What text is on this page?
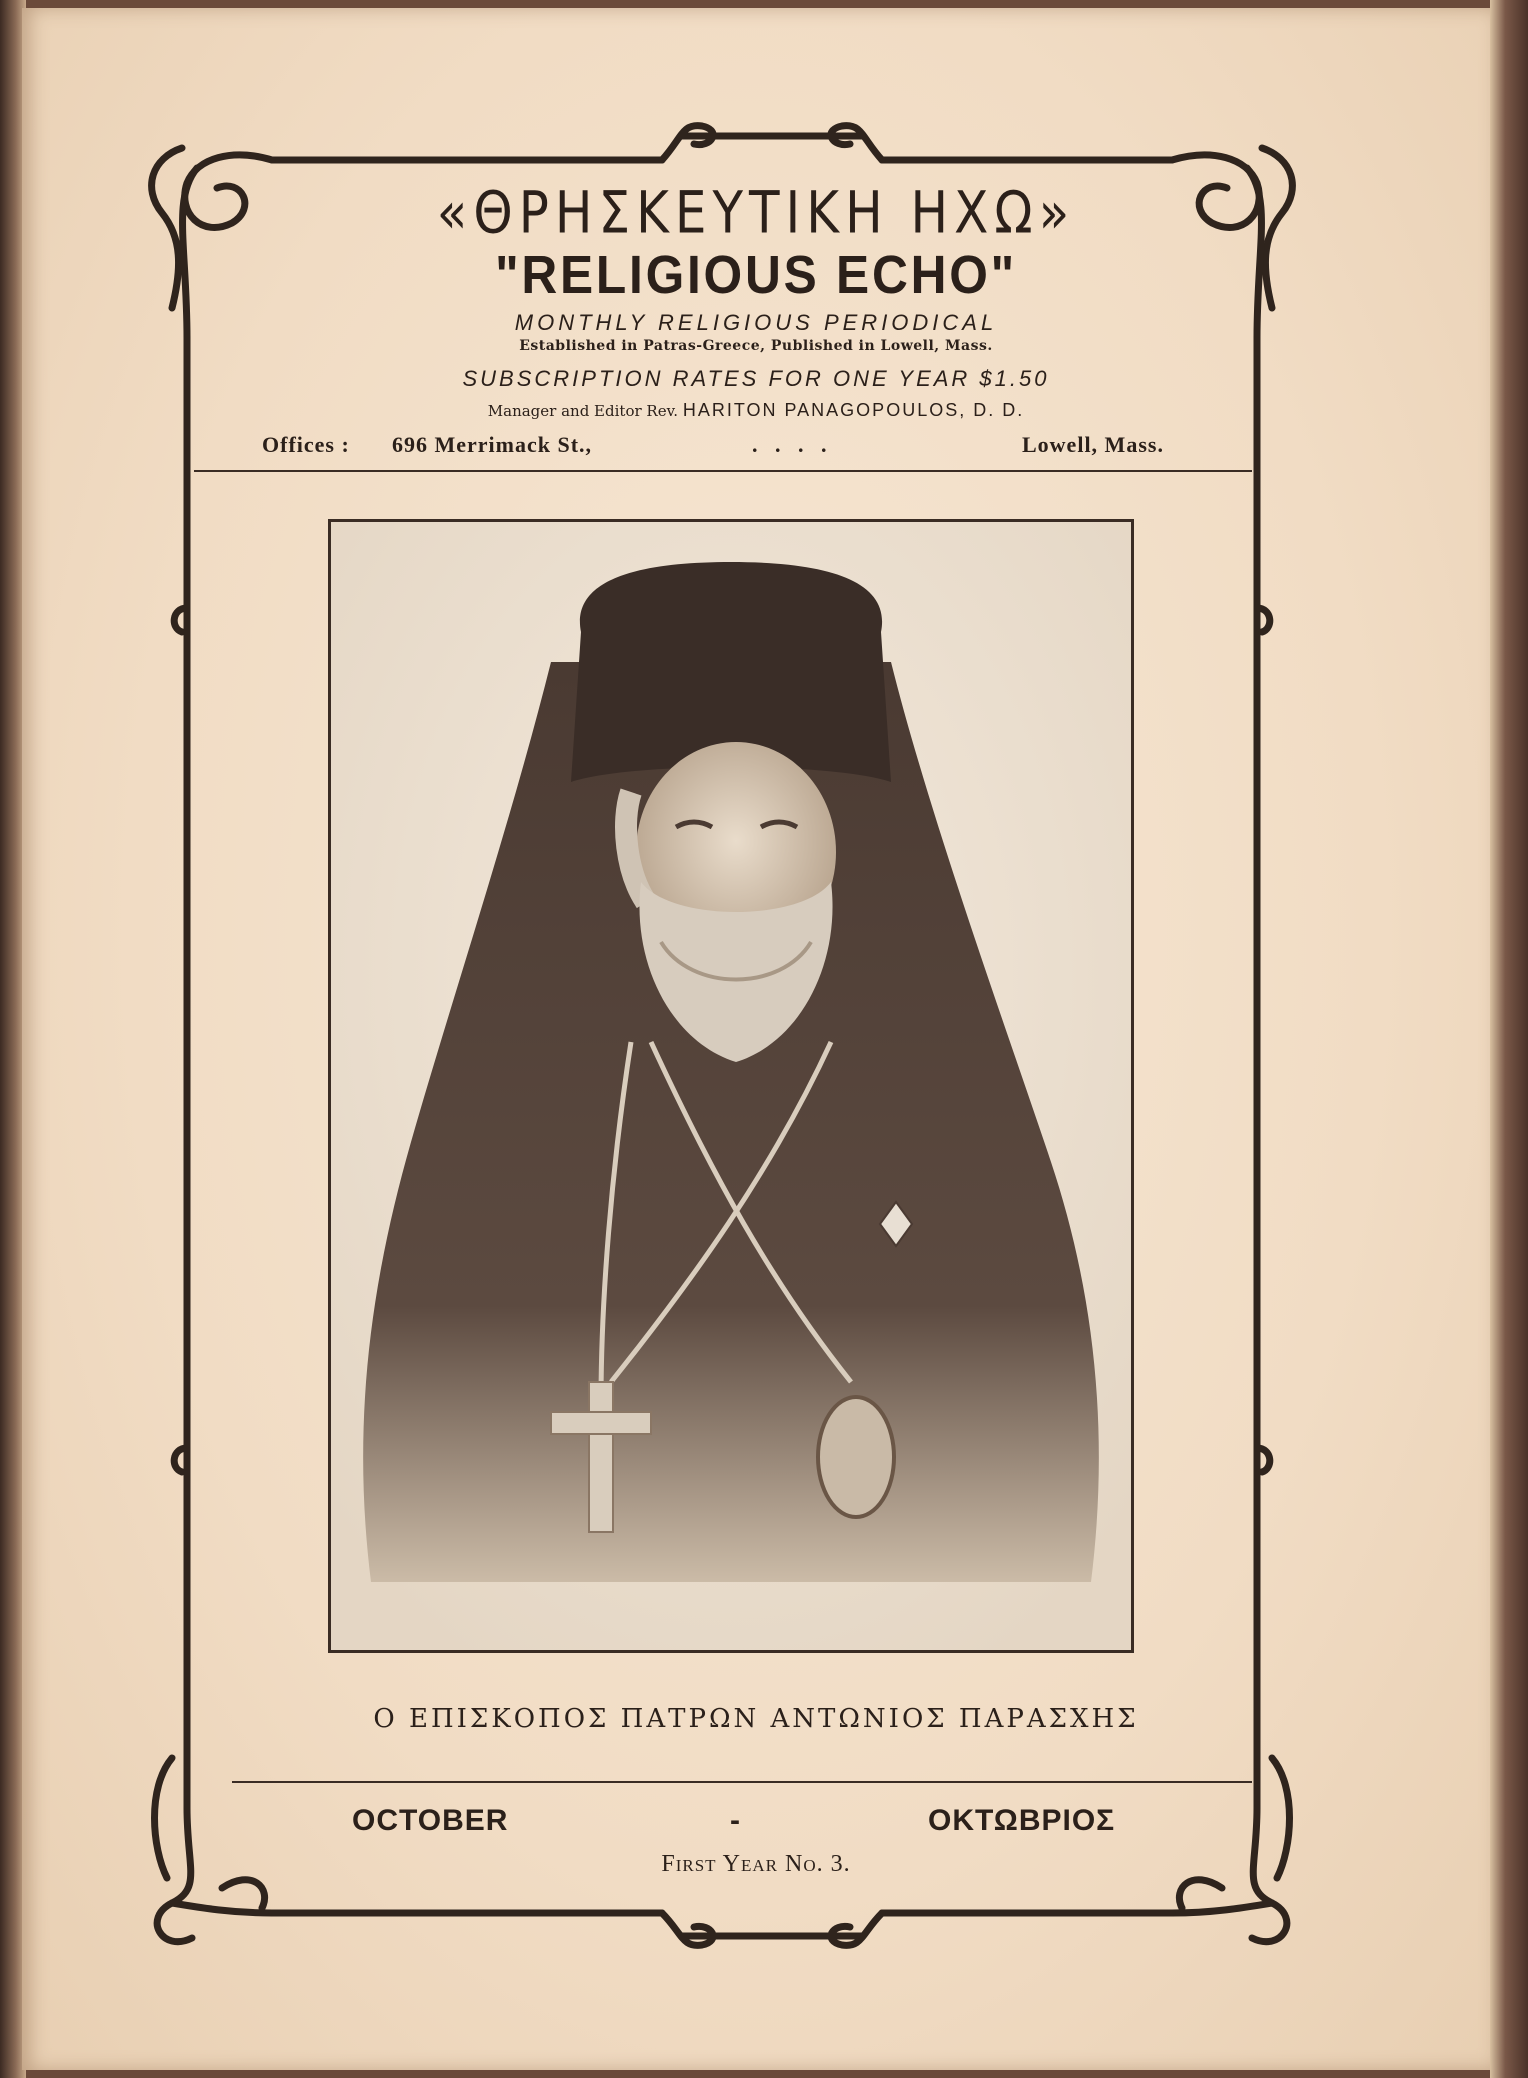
«ΘΡΗΣΚΕΥΤΙΚΗ ΗΧΩ»
"RELIGIOUS ECHO"
MONTHLY RELIGIOUS PERIODICAL
Established in Patras-Greece, Published in Lowell, Mass.
SUBSCRIPTION RATES FOR ONE YEAR $1.50
Manager and Editor Rev. HARITON PANAGOPOULOS, D. D.
Offices : 696 Merrimack St.,	. . . .	Lowell, Mass.
Ο ΕΠΙΣΚΟΠΟΣ ΠΑΤΡΩΝ ΑΝΤΩΝΙΟΣ ΠΑΡΑΣΧΗΣ
OCTOBER	-	ΟΚΤΩΒΡΙΟΣ
First Year No. 3.
